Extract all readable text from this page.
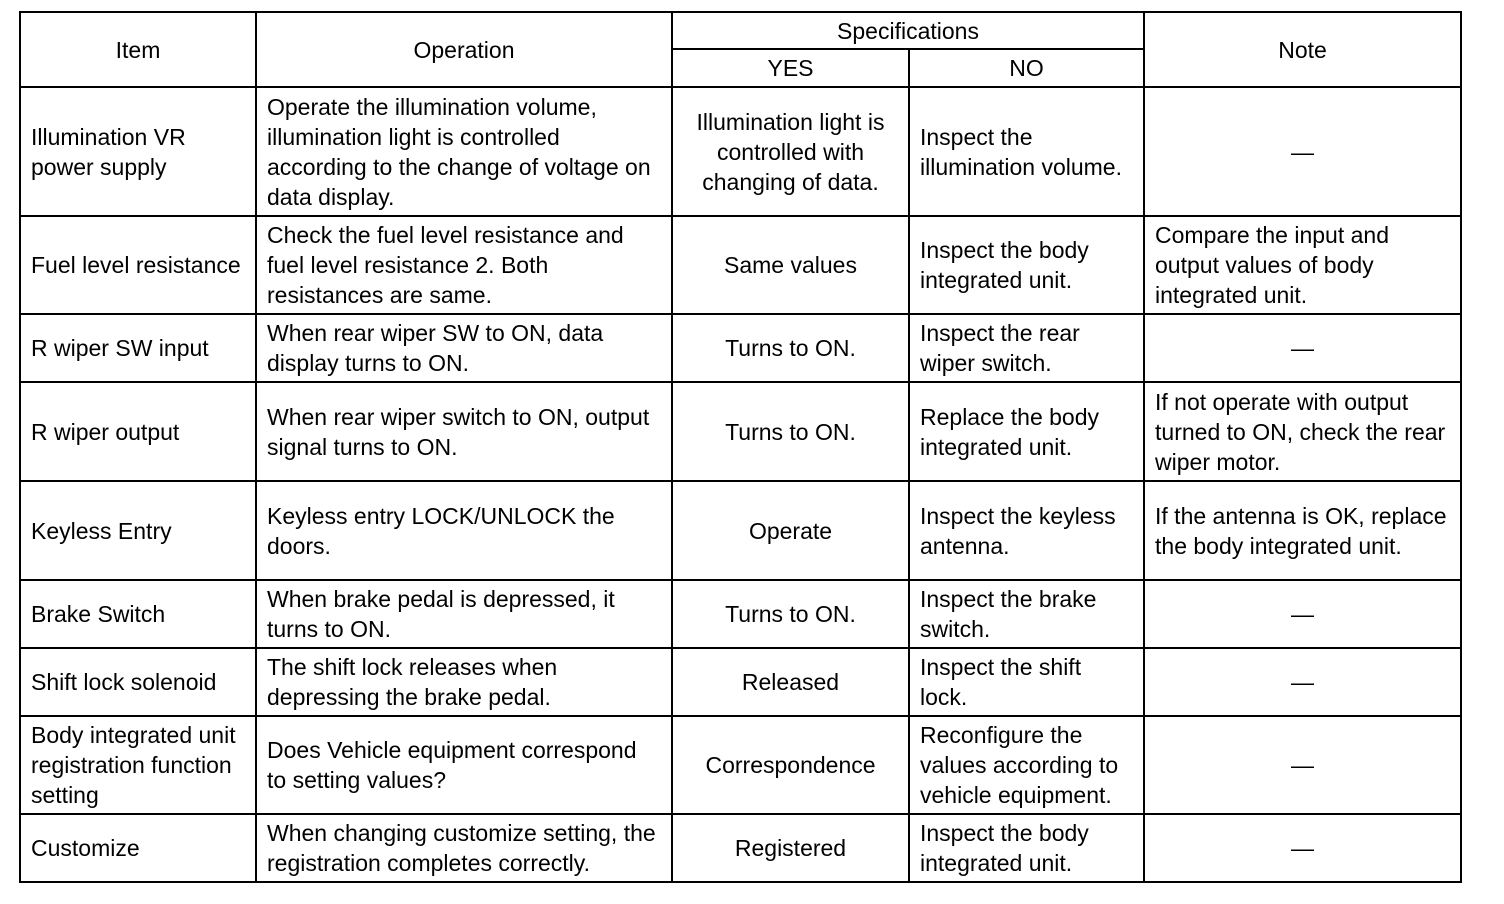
Item	Operation	Specifications		Note
		YES	NO	
Illumination VR power supply	Operate the illumination volume, illumination light is controlled according to the change of voltage on data display.	Illumination light is controlled with changing of data.	Inspect the illumination volume.	—
Fuel level resistance	Check the fuel level resistance and fuel level resistance 2. Both resistances are same.	Same values	Inspect the body integrated unit.	Compare the input and output values of body integrated unit.
R wiper SW input	When rear wiper SW to ON, data display turns to ON.	Turns to ON.	Inspect the rear wiper switch.	—
R wiper output	When rear wiper switch to ON, output signal turns to ON.	Turns to ON.	Replace the body integrated unit.	If not operate with output turned to ON, check the rear wiper motor.
Keyless Entry	Keyless entry LOCK/UNLOCK the doors.	Operate	Inspect the keyless antenna.	If the antenna is OK, replace the body integrated unit.
Brake Switch	When brake pedal is depressed, it turns to ON.	Turns to ON.	Inspect the brake switch.	—
Shift lock solenoid	The shift lock releases when depressing the brake pedal.	Released	Inspect the shift lock.	—
Body integrated unit registration function setting	Does Vehicle equipment correspond to setting values?	Correspondence	Reconfigure the values according to vehicle equipment.	—
Customize	When changing customize setting, the registration completes correctly.	Registered	Inspect the body integrated unit.	—
